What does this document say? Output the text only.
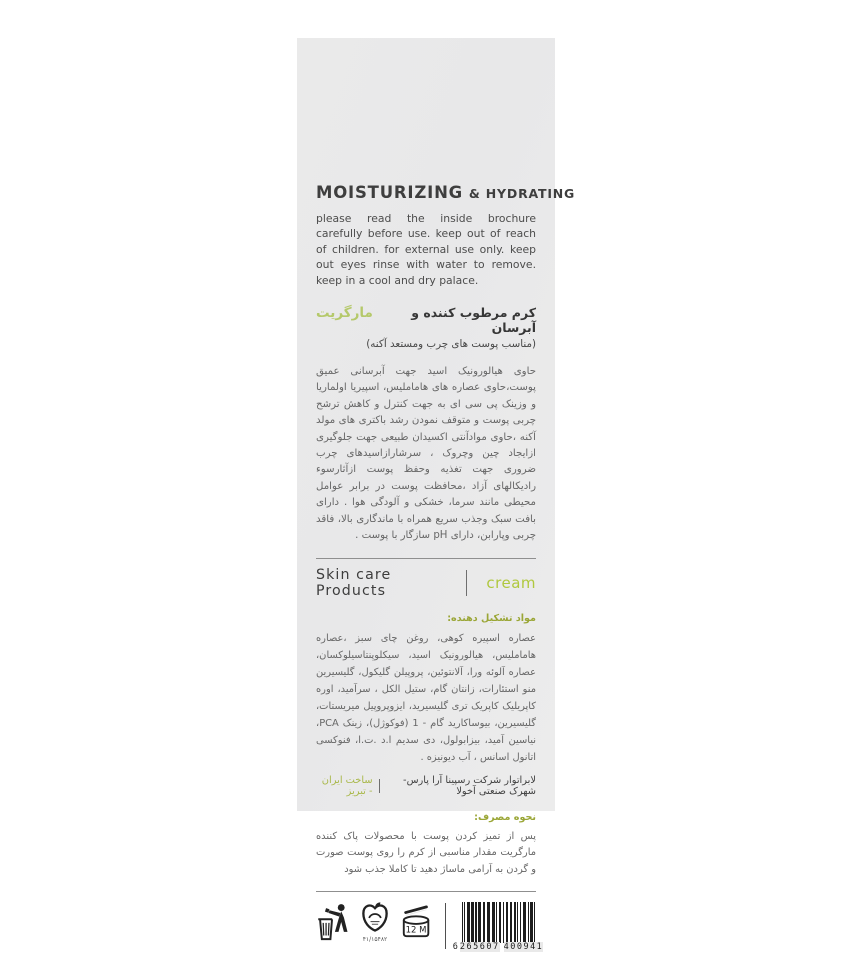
MOISTURIZING & HYDRATING
please read the inside brochure carefully before use. keep out of reach of children. for external use only. keep out eyes rinse with water to remove. keep in a cool and dry palace.
کرم مرطوب کننده و آبرسان
مارگریت
(مناسب پوست های چرب ومستعد آکنه)
حاوی هیالورونیک اسید جهت آبرسانی عمیق پوست،حاوی عصاره های هاماملیس، اسپیریا اولماریا و وزینک پی سی ای به جهت کنترل و کاهش ترشح چربی پوست و متوقف نمودن رشد باکتری های مولد آکنه ،حاوی موادآنتی اکسیدان طبیعی جهت جلوگیری ازایجاد چین وچروک ، سرشارازاسیدهای چرب ضروری جهت تغذیه وحفظ پوست ازآثارسوء رادیکالهای آزاد ،محافظت پوست در برابر عوامل محیطی مانند سرما، خشکی و آلودگی هوا . دارای بافت سبک وجذب سریع همراه با ماندگاری بالا، فاقد چربی وپارابن، دارای pH سازگار با پوست .
Skin care Products	cream
مواد تشکیل دهنده:
عصاره اسپیره کوهی، روغن چای سبز ،عصاره هاماملیس، هیالورونیک اسید، سیکلوپنتاسیلوکسان، عصاره آلوئه ورا، آلانتوئین، پروپیلن گلیکول، گلیسیرین منو استئارات، زانتان گام، ستیل الکل ، سرآمید، اوره کاپریلیک کاپریک تری گلیسیرید، ایزوپروپیل میریستات، گلیسیرین، بیوساکارید گام - 1 (فوکوژل)، زینک PCA، نیاسین آمید، بیزابولول، دی سدیم ا.د .ت.ا، فنوکسی اتانول اسانس ، آب دیونیزه .
لابراتوار شرکت رسپینا آرا پارس-شهرک صنعتی آخولا
ساخت ایران - تبریز
نحوه مصرف:
پس از تمیز کردن پوست با محصولات پاک کننده مارگریت مقدار مناسبی از کرم را روی پوست صورت و گردن به آرامی ماساژ دهید تا کاملا جذب شود
۴۱/۱۵۴۸۲
12 M
6 265607 400941
